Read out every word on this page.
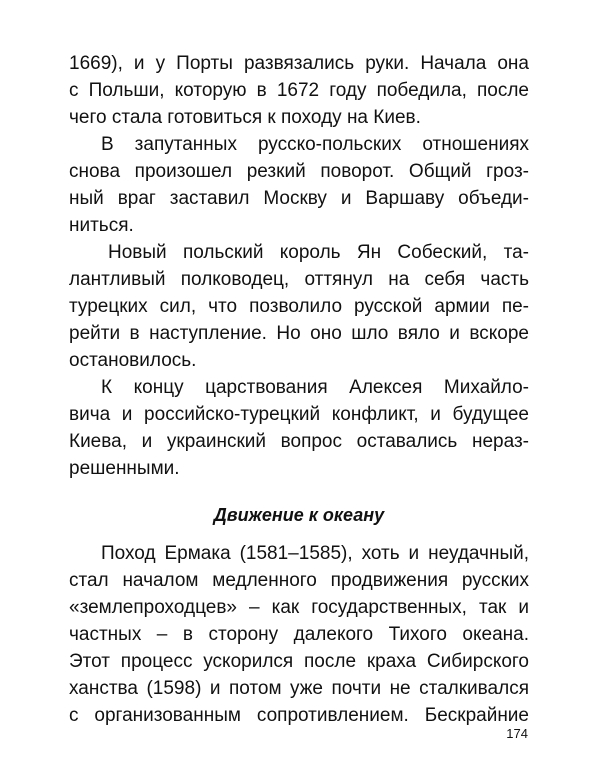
1669), и у Порты развязались руки. Начала она
с Польши, которую в 1672 году победила, после
чего стала готовиться к походу на Киев.
В запутанных русско-польских отношениях
снова произошел резкий поворот. Общий гроз-
ный враг заставил Москву и Варшаву объеди-
ниться.
Новый польский король Ян Собеский, та-
лантливый полководец, оттянул на себя часть
турецких сил, что позволило русской армии пе-
рейти в наступление. Но оно шло вяло и вскоре
остановилось.
К концу царствования Алексея Михайло-
вича и российско-турецкий конфликт, и будущее
Киева, и украинский вопрос оставались нераз-
решенными.
Движение к океану
Поход Ермака (1581–1585), хоть и неудачный,
стал началом медленного продвижения русских
«землепроходцев» – как государственных, так и
частных – в сторону далекого Тихого океана.
Этот процесс ускорился после краха Сибирского
ханства (1598) и потом уже почти не сталкивался
с организованным сопротивлением. Бескрайние
174
